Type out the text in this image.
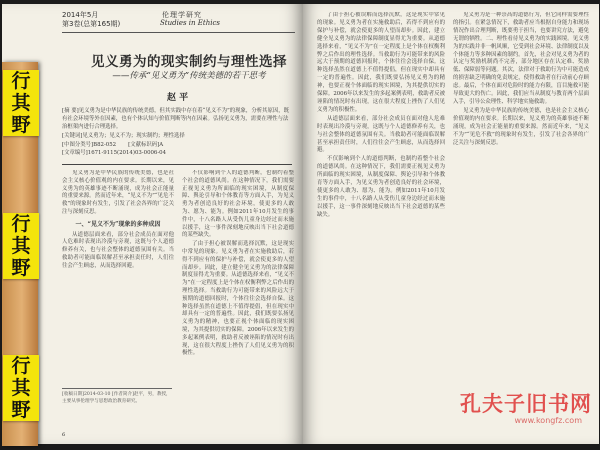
2014年5月
第3卷(总第165期)
伦理学研究
Studies in Ethics
见义勇为的现实制约与理性选择
——传承“见义勇为”传统美德的若干思考
赵 平

[摘 要]见义勇为是中华民族的传统美德，但其实践中存在着“见义不为”的现象，分析其原因，既有社会环境等外在因素，也有个体认知与价值判断等内在因素。弘扬见义勇为，需要在理性与法治框架内进行合理选择。

[关键词]见义勇为；见义不为；现实制约；理性选择

[中图分类号]B82-052 [文献标识码]A

[文章编号]1671-9115(2014)03-0006-04

见义勇为是中华民族的传统美德，也是社会主义核心价值观的内在要求。长期以来，见义勇为的英雄事迹不断涌现，成为社会正能量的重要来源。然而近年来，“见义不为”“见危不救”的现象时有发生，引发了社会各界的广泛关注与深刻反思。

一、“见义不为”现象的多种成因

从道德层面来看，部分社会成员在面对他人危难时表现出冷漠与旁观，这既与个人道德修养有关，也与社会整体的道德氛围有关。当救助者可能面临误解甚至承担责任时，人们往往会产生顾虑，从而选择回避。

不仅影响到个人的道德判断，也制约着整个社会的道德风尚。在这种情况下，我们需要正视见义勇为所面临的现实困境，从制度保障、舆论引导和个体教育等方面入手，为见义勇为者创造良好的社会环境，使更多的人敢为、愿为、能为。例如2011年10月发生的事件中，十八名路人从受伤儿童身边经过而未施以援手，这一事件深刻地反映出当下社会道德的某些缺失。

了由于担心被误解而选择沉默，这是现实中常见的现象。见义勇为者在实施救助后，若得不到应有的保护与补偿，就会使更多的人望而却步。因此，建立健全见义勇为的法律保障制度显得尤为重要。从道德选择来看，“见义不为”在一定程度上是个体在权衡利弊之后作出的理性选择。当救助行为可能带来的风险远大于预期的道德回报时，个体往往会选择自保。这种选择虽然在道德上不值得提倡，但在现实中却具有一定的普遍性。因此，我们既要弘扬见义勇为的精神，也要正视个体面临的现实困境，为其提供切实的保障。2006年以来发生的多起案例表明，救助者反被诬陷的情况时有出现，这在很大程度上挫伤了人们见义勇为的积极性。

[收稿日期]2014-03-10 [作者简介]赵平，男，教授，主要从事伦理学与思想政治教育研究。
6

了由于担心被误解而选择沉默，这是现实中常见的现象。见义勇为者在实施救助后，若得不到应有的保护与补偿，就会使更多的人望而却步。因此，建立健全见义勇为的法律保障制度显得尤为重要。从道德选择来看，“见义不为”在一定程度上是个体在权衡利弊之后作出的理性选择。当救助行为可能带来的风险远大于预期的道德回报时，个体往往会选择自保。这种选择虽然在道德上不值得提倡，但在现实中却具有一定的普遍性。因此，我们既要弘扬见义勇为的精神，也要正视个体面临的现实困境，为其提供切实的保障。2006年以来发生的多起案例表明，救助者反被诬陷的情况时有出现，这在很大程度上挫伤了人们见义勇为的积极性。

从道德层面来看，部分社会成员在面对他人危难时表现出冷漠与旁观，这既与个人道德修养有关，也与社会整体的道德氛围有关。当救助者可能面临误解甚至承担责任时，人们往往会产生顾虑，从而选择回避。

不仅影响到个人的道德判断，也制约着整个社会的道德风尚。在这种情况下，我们需要正视见义勇为所面临的现实困境，从制度保障、舆论引导和个体教育等方面入手，为见义勇为者创造良好的社会环境，使更多的人敢为、愿为、能为。例如2011年10月发生的事件中，十八名路人从受伤儿童身边经过而未施以援手，这一事件深刻地反映出当下社会道德的某些缺失。

见义勇为是一种崇高的道德行为，但它同样需要理性的指引。在紧急情况下，救助者应当根据自身能力和现场情况作出合理判断，既要勇于担当，也要讲究方法，避免无谓的牺牲。二、理性看待见义勇为的实践困境。见义勇为的实践并非一帆风顺，它受到社会环境、法律制度以及个体能力等多种因素的制约。首先，社会对见义勇为者的认定与奖励机制尚不完善，部分地区存在认定难、奖励低、保障弱等问题。其次，法律对于救助行为中可能造成的损害缺乏明确的免责规定，使得救助者在行动前心存顾虑。最后，个体在面对危险时的能力有限，盲目施救可能导致更大的伤亡。因此，我们应当从制度与教育两个层面入手，引导公众理性、科学地实施救助。

见义勇为是中华民族的传统美德，也是社会主义核心价值观的内在要求。长期以来，见义勇为的英雄事迹不断涌现，成为社会正能量的重要来源。然而近年来，“见义不为”“见危不救”的现象时有发生，引发了社会各界的广泛关注与深刻反思。

行
其
野
行
其
野
行
其
野	孔夫子旧书网
www.kongfz.com
